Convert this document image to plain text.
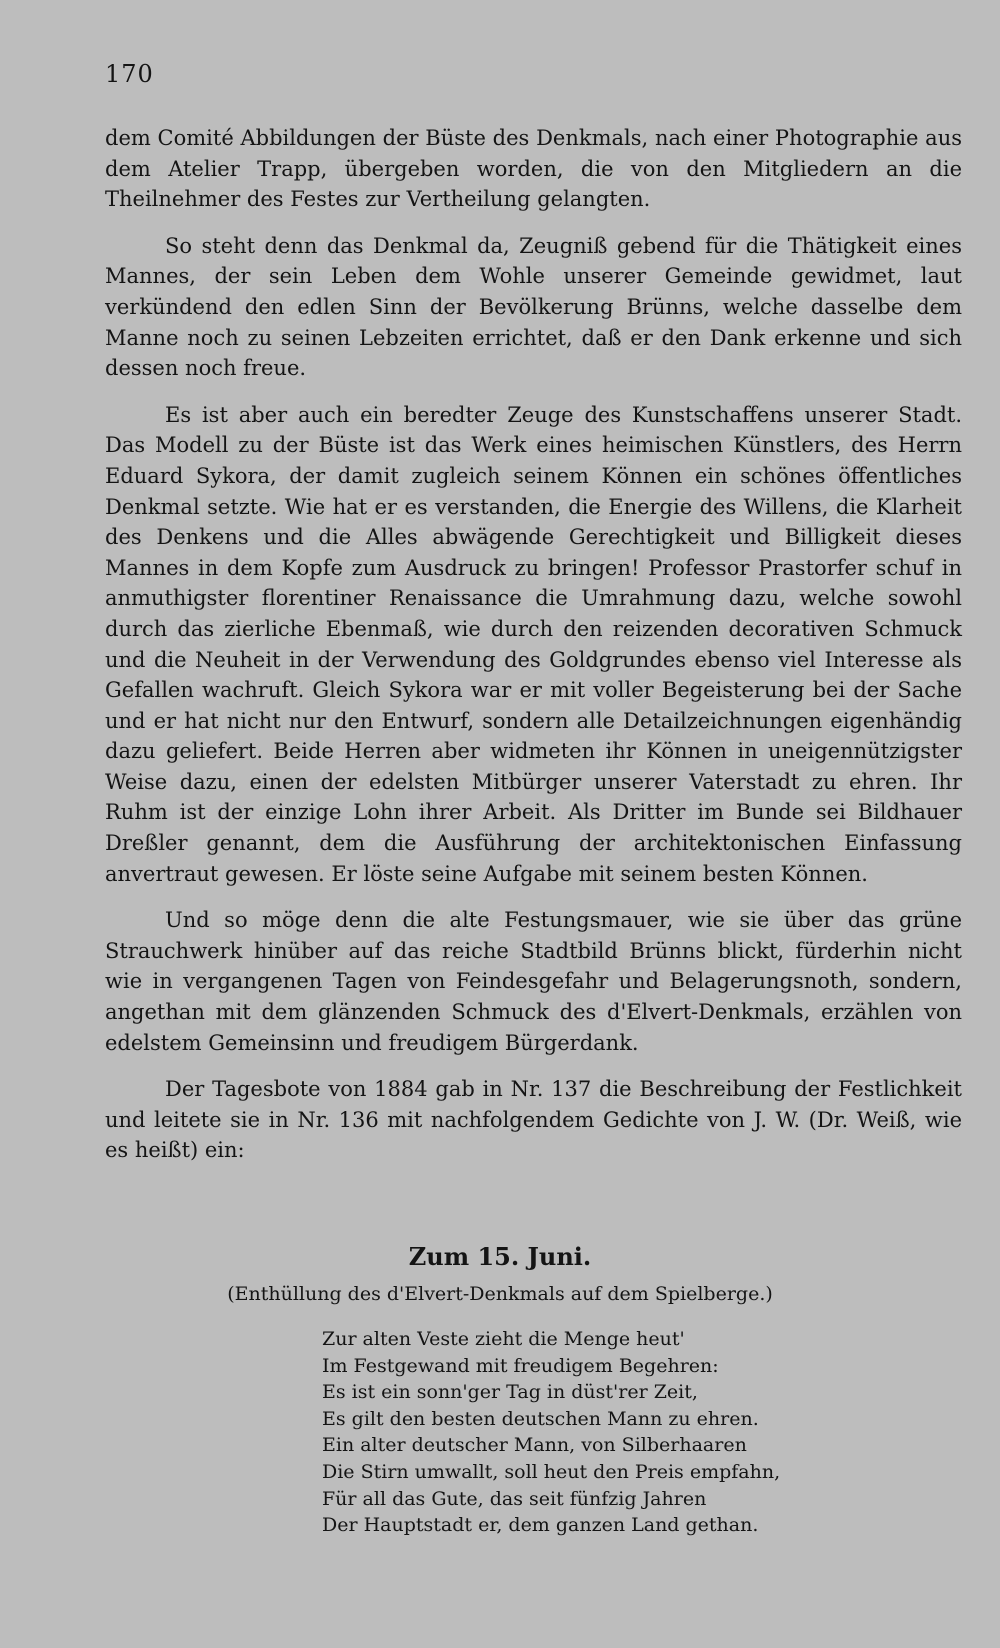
170

dem Comité Abbildungen der Büste des Denkmals, nach einer Photographie aus dem Atelier Trapp, übergeben worden, die von den Mitgliedern an die Theilnehmer des Festes zur Vertheilung gelangten.

So steht denn das Denkmal da, Zeugniß gebend für die Thätigkeit eines Mannes, der sein Leben dem Wohle unserer Gemeinde gewidmet, laut verkündend den edlen Sinn der Bevölkerung Brünns, welche dasselbe dem Manne noch zu seinen Lebzeiten errichtet, daß er den Dank erkenne und sich dessen noch freue.

Es ist aber auch ein beredter Zeuge des Kunstschaffens unserer Stadt. Das Modell zu der Büste ist das Werk eines heimischen Künstlers, des Herrn Eduard Sykora, der damit zugleich seinem Können ein schönes öffentliches Denkmal setzte. Wie hat er es verstanden, die Energie des Willens, die Klarheit des Denkens und die Alles abwägende Gerechtigkeit und Billigkeit dieses Mannes in dem Kopfe zum Ausdruck zu bringen! Professor Prastorfer schuf in anmuthigster florentiner Renaissance die Umrahmung dazu, welche sowohl durch das zierliche Ebenmaß, wie durch den reizenden decorativen Schmuck und die Neuheit in der Verwendung des Goldgrundes ebenso viel Interesse als Gefallen wachruft. Gleich Sykora war er mit voller Begeisterung bei der Sache und er hat nicht nur den Entwurf, sondern alle Detailzeichnungen eigenhändig dazu geliefert. Beide Herren aber widmeten ihr Können in uneigennützigster Weise dazu, einen der edelsten Mitbürger unserer Vaterstadt zu ehren. Ihr Ruhm ist der einzige Lohn ihrer Arbeit. Als Dritter im Bunde sei Bildhauer Dreßler genannt, dem die Ausführung der architektonischen Einfassung anvertraut gewesen. Er löste seine Aufgabe mit seinem besten Können.

Und so möge denn die alte Festungsmauer, wie sie über das grüne Strauchwerk hinüber auf das reiche Stadtbild Brünns blickt, fürderhin nicht wie in vergangenen Tagen von Feindesgefahr und Belagerungsnoth, sondern, angethan mit dem glänzenden Schmuck des d'Elvert-Denkmals, erzählen von edelstem Gemeinsinn und freudigem Bürgerdank.

Der Tagesbote von 1884 gab in Nr. 137 die Beschreibung der Festlichkeit und leitete sie in Nr. 136 mit nachfolgendem Gedichte von J. W. (Dr. Weiß, wie es heißt) ein:

Zum 15. Juni.
(Enthüllung des d'Elvert-Denkmals auf dem Spielberge.)
Zur alten Veste zieht die Menge heut'
Im Festgewand mit freudigem Begehren:
Es ist ein sonn'ger Tag in düst'rer Zeit,
Es gilt den besten deutschen Mann zu ehren.
Ein alter deutscher Mann, von Silberhaaren
Die Stirn umwallt, soll heut den Preis empfahn,
Für all das Gute, das seit fünfzig Jahren
Der Hauptstadt er, dem ganzen Land gethan.
